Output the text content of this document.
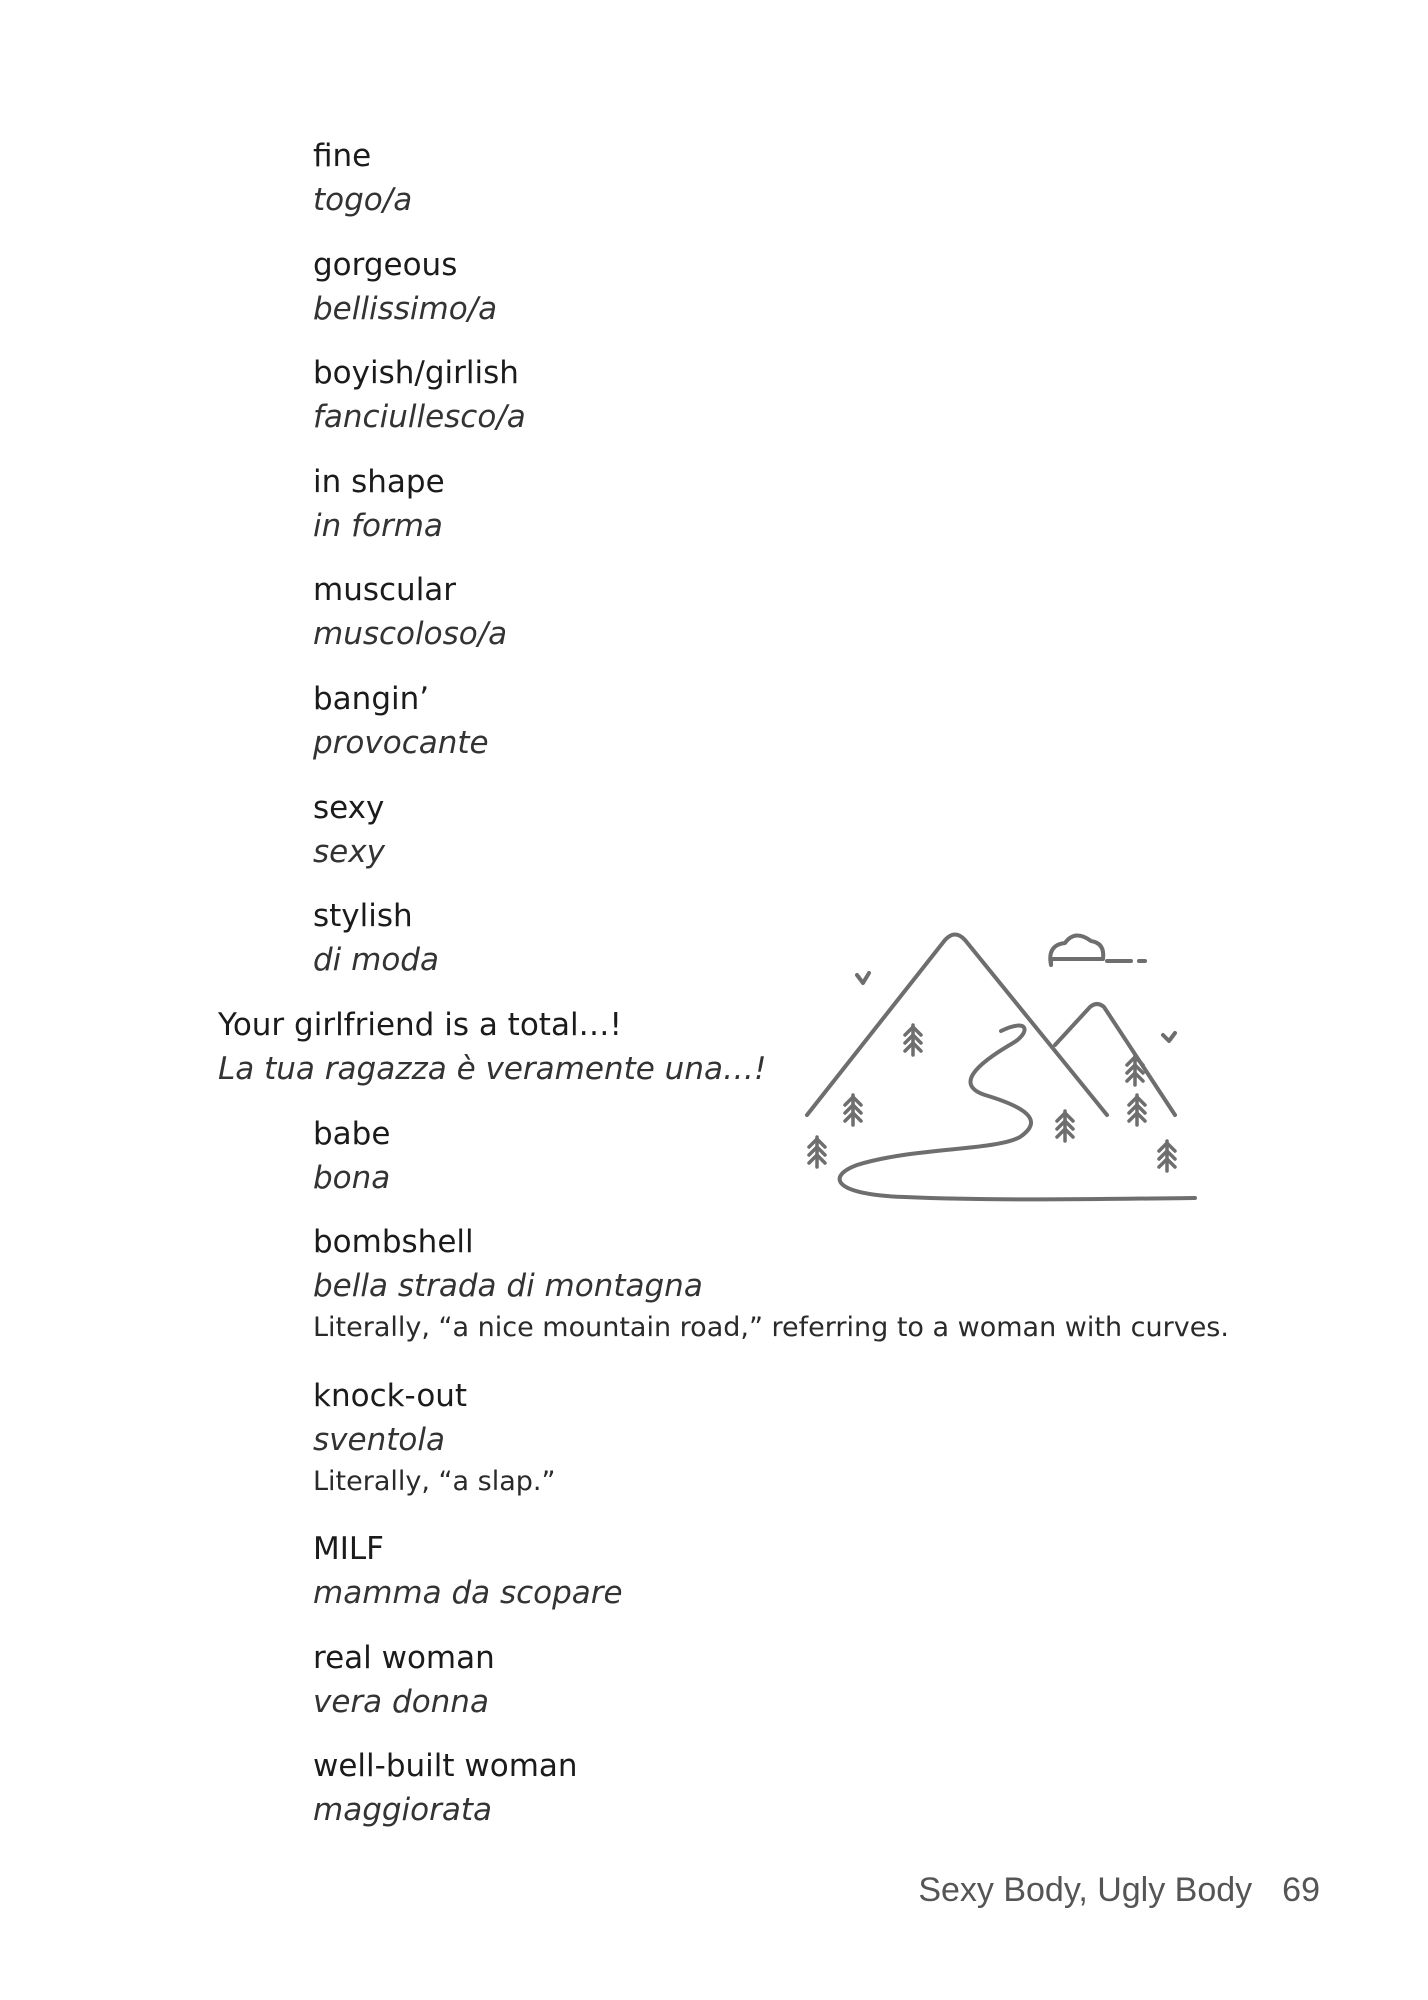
fine
togo/a
gorgeous
bellissimo/a
boyish/girlish
fanciullesco/a
in shape
in forma
muscular
muscoloso/a
bangin’
provocante
sexy
sexy
stylish
di moda
Your girlfriend is a total…!
La tua ragazza è veramente una…!
babe
bona
bombshell
bella strada di montagna
Literally, “a nice mountain road,” referring to a woman with curves.
knock-out
sventola
Literally, “a slap.”
MILF
mamma da scopare
real woman
vera donna
well-built woman
maggiorata
Sexy Body, Ugly Body 69
